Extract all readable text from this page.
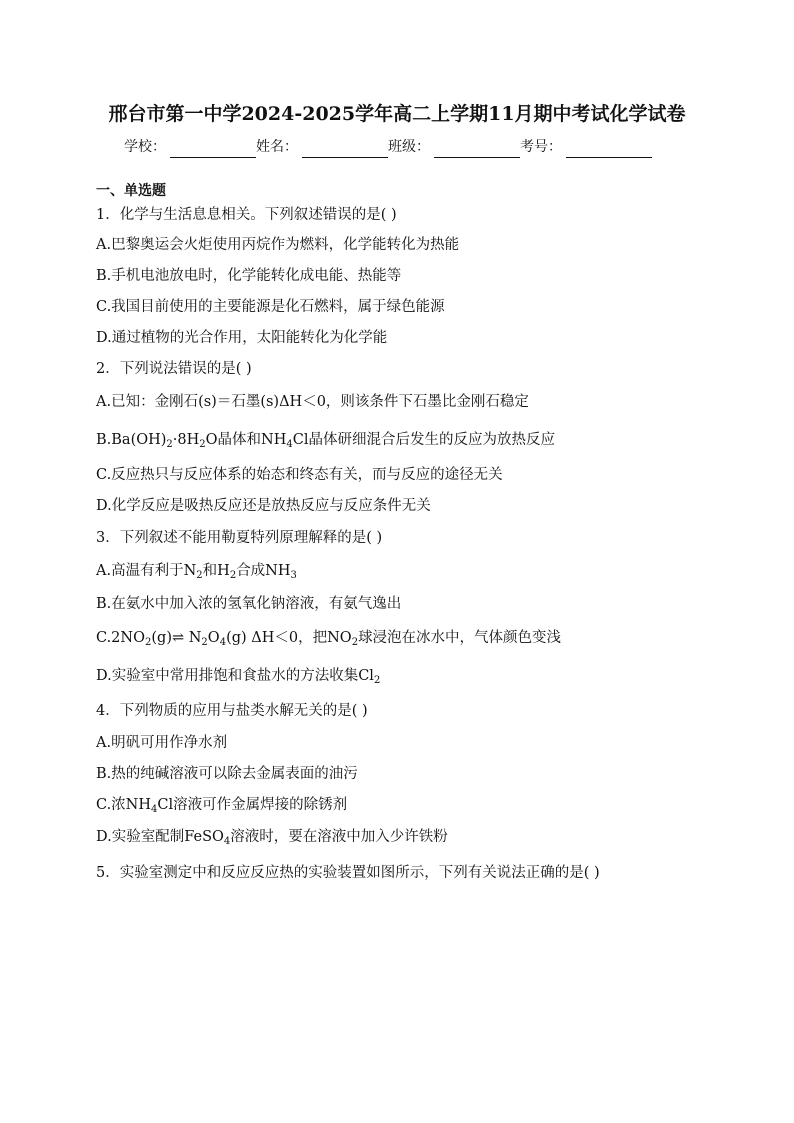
邢台市第一中学2024-2025学年高二上学期11月期中考试化学试卷
学校：	姓名：	班级：	考号：
一、单选题
1．化学与生活息息相关。下列叙述错误的是( )
A.巴黎奥运会火炬使用丙烷作为燃料，化学能转化为热能
B.手机电池放电时，化学能转化成电能、热能等
C.我国目前使用的主要能源是化石燃料，属于绿色能源
D.通过植物的光合作用，太阳能转化为化学能
2．下列说法错误的是( )
A.已知：金刚石(s)＝石墨(s)ΔH＜0，则该条件下石墨比金刚石稳定
$B.Ba(OH)_2\cdot 8H_2O$晶体和$NH_4Cl$晶体研细混合后发生的反应为放热反应
C.反应热只与反应体系的始态和终态有关，而与反应的途径无关
D.化学反应是吸热反应还是放热反应与反应条件无关
3．下列叙述不能用勒夏特列原理解释的是( )
A.高温有利于$N_2$和$H_2$合成$NH_3$
B.在氨水中加入浓的氢氧化钠溶液，有氨气逸出
$C.2NO_2(g)\rightleftharpoons$ $N_2O_4(g)$ ΔH＜0，把$NO_2$球浸泡在冰水中，气体颜色变浅
D.实验室中常用排饱和食盐水的方法收集$Cl_2$
4．下列物质的应用与盐类水解无关的是( )
A.明矾可用作净水剂
B.热的纯碱溶液可以除去金属表面的油污
C.浓$NH_4Cl$溶液可作金属焊接的除锈剂
D.实验室配制FeSO$_4$溶液时，要在溶液中加入少许铁粉
5．实验室测定中和反应反应热的实验装置如图所示，下列有关说法正确的是( )
